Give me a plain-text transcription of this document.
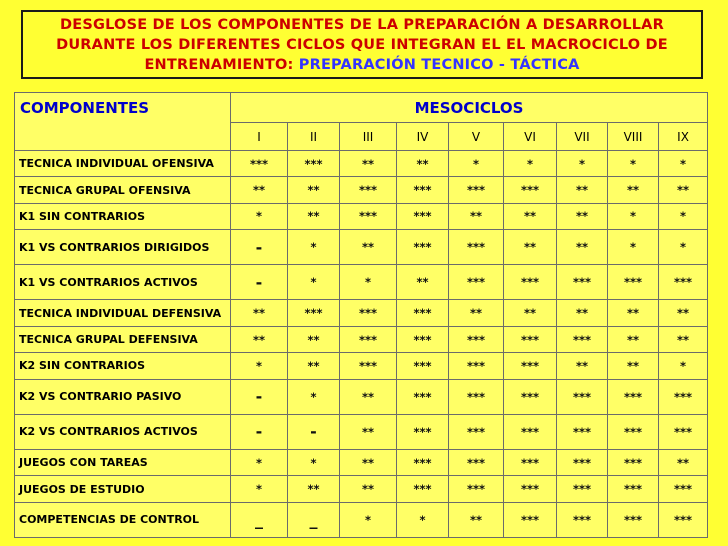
DESGLOSE DE LOS COMPONENTES DE LA PREPARACIÓN A DESARROLLAR
DURANTE LOS DIFERENTES CICLOS QUE INTEGRAN EL EL MACROCICLO DE
ENTRENAMIENTO: PREPARACIÓN TECNICO - TÁCTICA
COMPONENTES	MESOCICLOS								
	I	II	III	IV	V	VI	VII	VIII	IX
TECNICA INDIVIDUAL OFENSIVA	***	***	**	**	*	*	*	*	*
TECNICA GRUPAL OFENSIVA	**	**	***	***	***	***	**	**	**
K1 SIN CONTRARIOS	*	**	***	***	**	**	**	*	*
K1 VS CONTRARIOS DIRIGIDOS	-	*	**	***	***	**	**	*	*
K1 VS CONTRARIOS ACTIVOS	-	*	*	**	***	***	***	***	***
TECNICA INDIVIDUAL DEFENSIVA	**	***	***	***	**	**	**	**	**
TECNICA GRUPAL DEFENSIVA	**	**	***	***	***	***	***	**	**
K2 SIN CONTRARIOS	*	**	***	***	***	***	**	**	*
K2 VS CONTRARIO PASIVO	-	*	**	***	***	***	***	***	***
K2 VS CONTRARIOS ACTIVOS	-	-	**	***	***	***	***	***	***
JUEGOS CON TAREAS	*	*	**	***	***	***	***	***	**
JUEGOS DE ESTUDIO	*	**	**	***	***	***	***	***	***
COMPETENCIAS DE CONTROL	_	_	*	*	**	***	***	***	***
